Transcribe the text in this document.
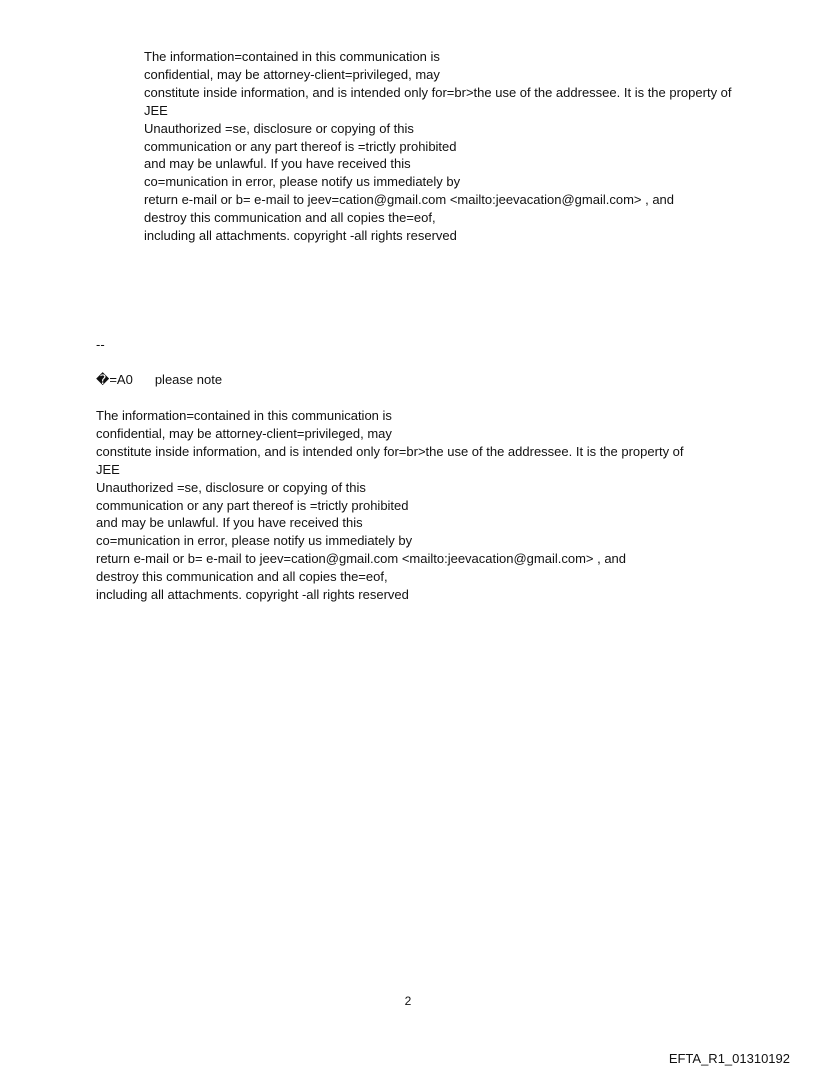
The information=contained in this communication is
confidential, may be attorney-client=privileged, may
constitute inside information, and is intended only for=br>the use of the addressee. It is the property of
JEE
Unauthorized =se, disclosure or copying of this
communication or any part thereof is =trictly prohibited
and may be unlawful. If you have received this
co=munication in error, please notify us immediately by
return e-mail or b= e-mail to jeev=cation@gmail.com <mailto:jeevacation@gmail.com> , and
destroy this communication and all copies the=eof,
including all attachments. copyright -all rights reserved
--
�=A0 please note
The information=contained in this communication is
confidential, may be attorney-client=privileged, may
constitute inside information, and is intended only for=br>the use of the addressee. It is the property of
JEE
Unauthorized =se, disclosure or copying of this
communication or any part thereof is =trictly prohibited
and may be unlawful. If you have received this
co=munication in error, please notify us immediately by
return e-mail or b= e-mail to jeev=cation@gmail.com <mailto:jeevacation@gmail.com> , and
destroy this communication and all copies the=eof,
including all attachments. copyright -all rights reserved
2
EFTA_R1_01310192
